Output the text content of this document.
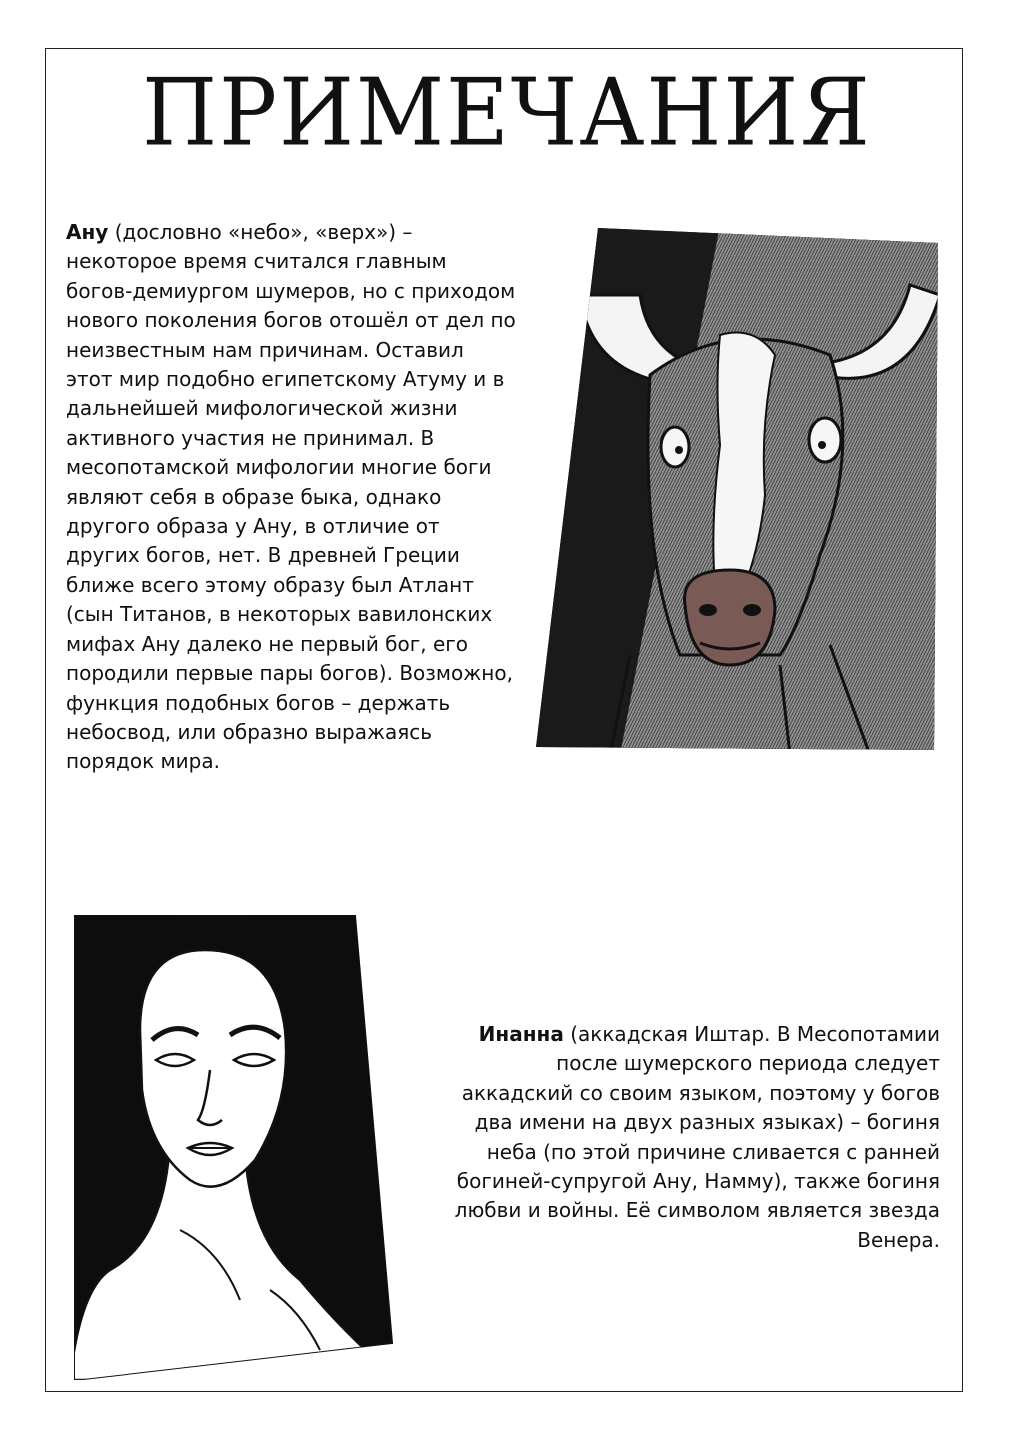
ПРИМЕЧАНИЯ

Ану (дословно «небо», «верх») – некоторое время считался главным богов-демиургом шумеров, но с приходом нового поколения богов отошёл от дел по неизвестным нам причинам. Оставил этот мир подобно египетскому Атуму и в дальнейшей мифологической жизни активного участия не принимал. В месопотамской мифологии многие боги являют себя в образе быка, однако другого образа у Ану, в отличие от других богов, нет. В древней Греции ближе всего этому образу был Атлант (сын Титанов, в некоторых вавилонских мифах Ану далеко не первый бог, его породили первые пары богов). Возможно, функция подобных богов – держать небосвод, или образно выражаясь порядок мира.

Инанна (аккадская Иштар. В Месопотамии после шумерского периода следует аккадский со своим языком, поэтому у богов два имени на двух разных языках) – богиня неба (по этой причине сливается с ранней богиней-супругой Ану, Намму), также богиня любви и войны. Её символом является звезда Венера.
